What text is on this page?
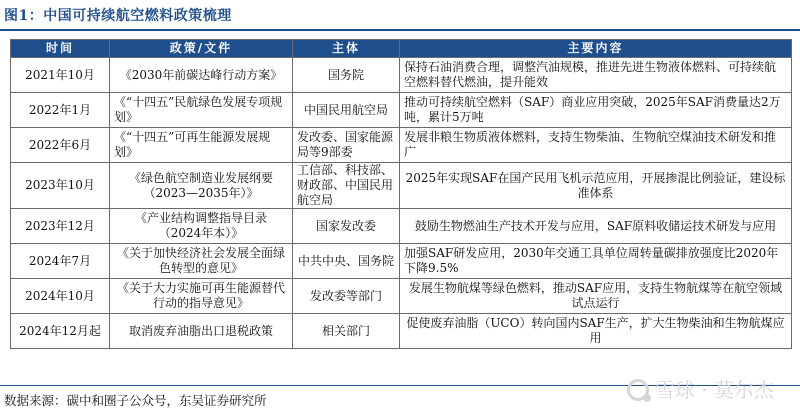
图1：中国可持续航空燃料政策梳理
时间	政策/文件	主体	主要内容
2021年10月	《2030年前碳达峰行动方案》	国务院	保持石油消费合理，调整汽油规模，推进先进生物液体燃料、可持续航空燃料替代燃油，提升能效
2022年1月	《“十四五”民航绿色发展专项规划》	中国民用航空局	推动可持续航空燃料（SAF）商业应用突破，2025年SAF消费量达2万吨，累计5万吨
2022年6月	《“十四五”可再生能源发展规划》	发改委、国家能源局等9部委	发展非粮生物质液体燃料，支持生物柴油、生物航空煤油技术研发和推广
2023年10月	《绿色航空制造业发展纲要（2023—2035年）》	工信部、科技部、财政部、中国民用航空局	2025年实现SAF在国产民用飞机示范应用，开展掺混比例验证，建设标准体系
2023年12月	《产业结构调整指导目录（2024年本）》	国家发改委	鼓励生物燃油生产技术开发与应用，SAF原料收储运技术研发与应用
2024年7月	《关于加快经济社会发展全面绿色转型的意见》	中共中央、国务院	加强SAF研发应用，2030年交通工具单位周转量碳排放强度比2020年下降9.5%
2024年10月	《关于大力实施可再生能源替代行动的指导意见》	发改委等部门	发展生物航煤等绿色燃料，推动SAF应用，支持生物航煤等在航空领域试点运行
2024年12月起	取消废弃油脂出口退税政策	相关部门	促使废弃油脂（UCO）转向国内SAF生产，扩大生物柴油和生物航煤应用
数据来源：碳中和圈子公众号，东吴证券研究所	雪球 · 莫尔杰
